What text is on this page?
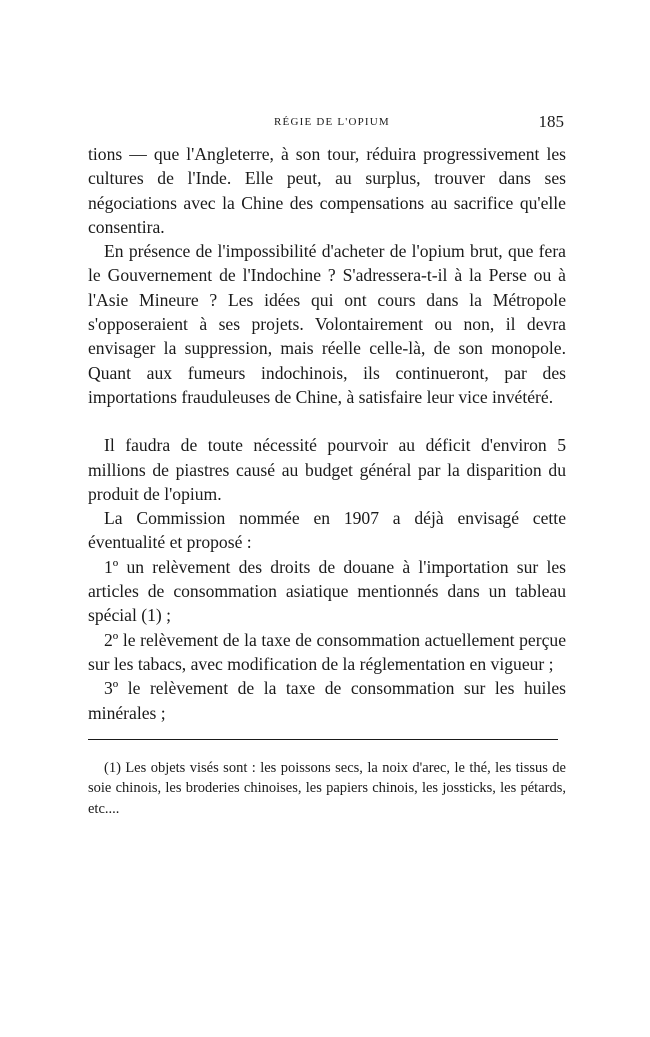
RÉGIE DE L'OPIUM	185

tions — que l'Angleterre, à son tour, réduira progressivement les cultures de l'Inde. Elle peut, au surplus, trouver dans ses négociations avec la Chine des compensations au sacrifice qu'elle consentira.

En présence de l'impossibilité d'acheter de l'opium brut, que fera le Gouvernement de l'Indochine ? S'adressera-t-il à la Perse ou à l'Asie Mineure ? Les idées qui ont cours dans la Métropole s'opposeraient à ses projets. Volontairement ou non, il devra envisager la suppression, mais réelle celle-là, de son monopole. Quant aux fumeurs indochinois, ils continueront, par des importations frauduleuses de Chine, à satisfaire leur vice invétéré.

Il faudra de toute nécessité pourvoir au déficit d'environ 5 millions de piastres causé au budget général par la disparition du produit de l'opium.

La Commission nommée en 1907 a déjà envisagé cette éventualité et proposé :

1º un relèvement des droits de douane à l'importation sur les articles de consommation asiatique mentionnés dans un tableau spécial (1) ;

2º le relèvement de la taxe de consommation actuellement perçue sur les tabacs, avec modification de la réglementation en vigueur ;

3º le relèvement de la taxe de consommation sur les huiles minérales ;

(1) Les objets visés sont : les poissons secs, la noix d'arec, le thé, les tissus de soie chinois, les broderies chinoises, les papiers chinois, les jossticks, les pétards, etc....
